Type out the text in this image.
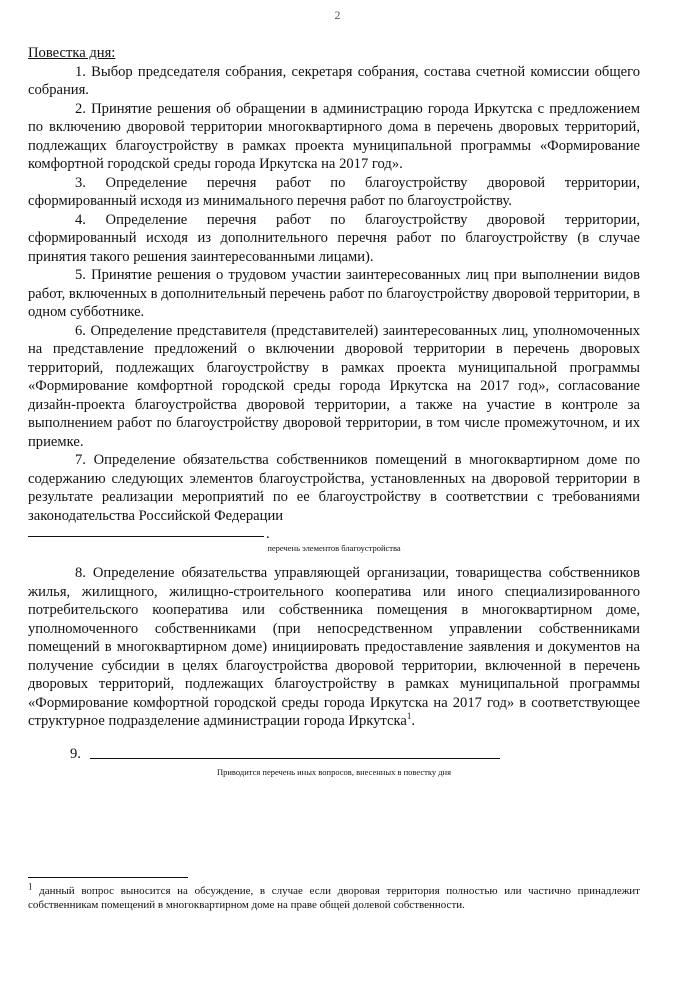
2
Повестка дня:

1. Выбор председателя собрания, секретаря собрания, состава счетной комиссии общего собрания.

2. Принятие решения об обращении в администрацию города Иркутска с предложением по включению дворовой территории многоквартирного дома в перечень дворовых территорий, подлежащих благоустройству в рамках проекта муниципальной программы «Формирование комфортной городской среды города Иркутска на 2017 год».

3. Определение перечня работ по благоустройству дворовой территории, сформированный исходя из минимального перечня работ по благоустройству.

4. Определение перечня работ по благоустройству дворовой территории, сформированный исходя из дополнительного перечня работ по благоустройству (в случае принятия такого решения заинтересованными лицами).

5. Принятие решения о трудовом участии заинтересованных лиц при выполнении видов работ, включенных в дополнительный перечень работ по благоустройству дворовой территории, в одном субботнике.

6. Определение представителя (представителей) заинтересованных лиц, уполномоченных на представление предложений о включении дворовой территории в перечень дворовых территорий, подлежащих благоустройству в рамках проекта муниципальной программы «Формирование комфортной городской среды города Иркутска на 2017 год», согласование дизайн-проекта благоустройства дворовой территории, а также на участие в контроле за выполнением работ по благоустройству дворовой территории, в том числе промежуточном, и их приемке.

7. Определение обязательства собственников помещений в многоквартирном доме по содержанию следующих элементов благоустройства, установленных на дворовой территории в результате реализации мероприятий по ее благоустройству в соответствии с требованиями законодательства Российской Федерации

.
перечень элементов благоустройства

8. Определение обязательства управляющей организации, товарищества собственников жилья, жилищного, жилищно-строительного кооператива или иного специализированного потребительского кооператива или собственника помещения в многоквартирном доме, уполномоченного собственниками (при непосредственном управлении собственниками помещений в многоквартирном доме) инициировать предоставление заявления и документов на получение субсидии в целях благоустройства дворовой территории, включенной в перечень дворовых территорий, подлежащих благоустройству в рамках муниципальной программы «Формирование комфортной городской среды города Иркутска на 2017 год» в соответствующее структурное подразделение администрации города Иркутска$^1$.

9.
Приводится перечень иных вопросов, внесенных в повестку дня
$^1$ данный вопрос выносится на обсуждение, в случае если дворовая территория полностью или частично принадлежит собственникам помещений в многоквартирном доме на праве общей долевой собственности.
